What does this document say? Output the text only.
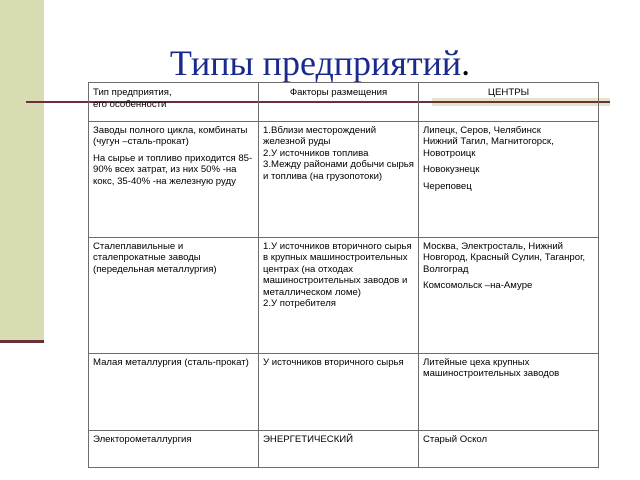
Типы предприятий.
Тип предприятия,
его особенности	Факторы размещения	ЦЕНТРЫ

Заводы полного цикла, комбинаты (чугун –сталь-прокат)
На сырье и топливо приходится 85-90% всех затрат, из них 50% -на кокс, 35-40% -на железную руду	1.Вблизи месторождений железной руды
2.У источников топлива
3.Между районами добычи сырья и топлива (на грузопотоки)	Липецк, Серов, Челябинск
Нижний Тагил, Магнитогорск, Новотроицк
Новокузнецк
Череповец

Сталеплавильные и сталепрокатные заводы (передельная металлургия)	1.У источников вторичного сырья в крупных машиностроительных центрах (на отходах машиностроительных заводов и металлическом ломе)
2.У потребителя	Москва, Электросталь, Нижний Новгород, Красный Сулин, Таганрог, Волгоград
Комсомольск –на-Амуре

Малая металлургия (сталь-прокат)	У источников вторичного сырья	Литейные цеха крупных машиностроительных заводов

Электорометаллургия	ЭНЕРГЕТИЧЕСКИЙ	Старый Оскол
